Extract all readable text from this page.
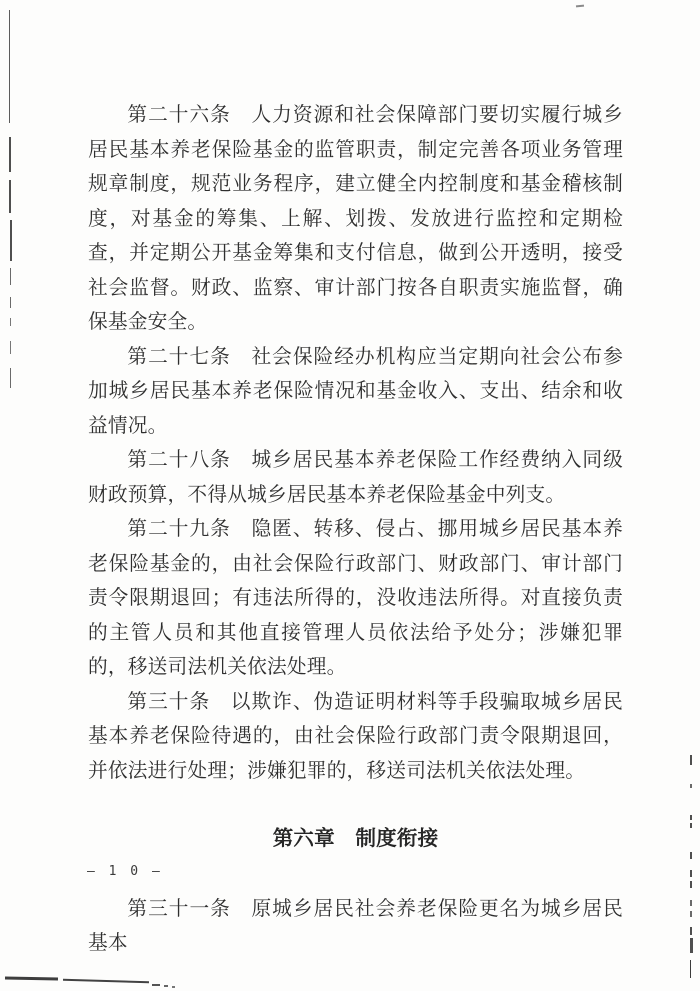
第二十六条　人力资源和社会保障部门要切实履行城乡居民基本养老保险基金的监管职责，制定完善各项业务管理规章制度，规范业务程序，建立健全内控制度和基金稽核制度，对基金的筹集、上解、划拨、发放进行监控和定期检查，并定期公开基金筹集和支付信息，做到公开透明，接受社会监督。财政、监察、审计部门按各自职责实施监督，确保基金安全。

第二十七条　社会保险经办机构应当定期向社会公布参加城乡居民基本养老保险情况和基金收入、支出、结余和收益情况。

第二十八条　城乡居民基本养老保险工作经费纳入同级财政预算，不得从城乡居民基本养老保险基金中列支。

第二十九条　隐匿、转移、侵占、挪用城乡居民基本养老保险基金的，由社会保险行政部门、财政部门、审计部门责令限期退回；有违法所得的，没收违法所得。对直接负责的主管人员和其他直接管理人员依法给予处分；涉嫌犯罪的，移送司法机关依法处理。

第三十条　以欺诈、伪造证明材料等手段骗取城乡居民基本养老保险待遇的，由社会保险行政部门责令限期退回，并依法进行处理；涉嫌犯罪的，移送司法机关依法处理。

第六章　制度衔接

第三十一条　原城乡居民社会养老保险更名为城乡居民基本

— 1 0 —
